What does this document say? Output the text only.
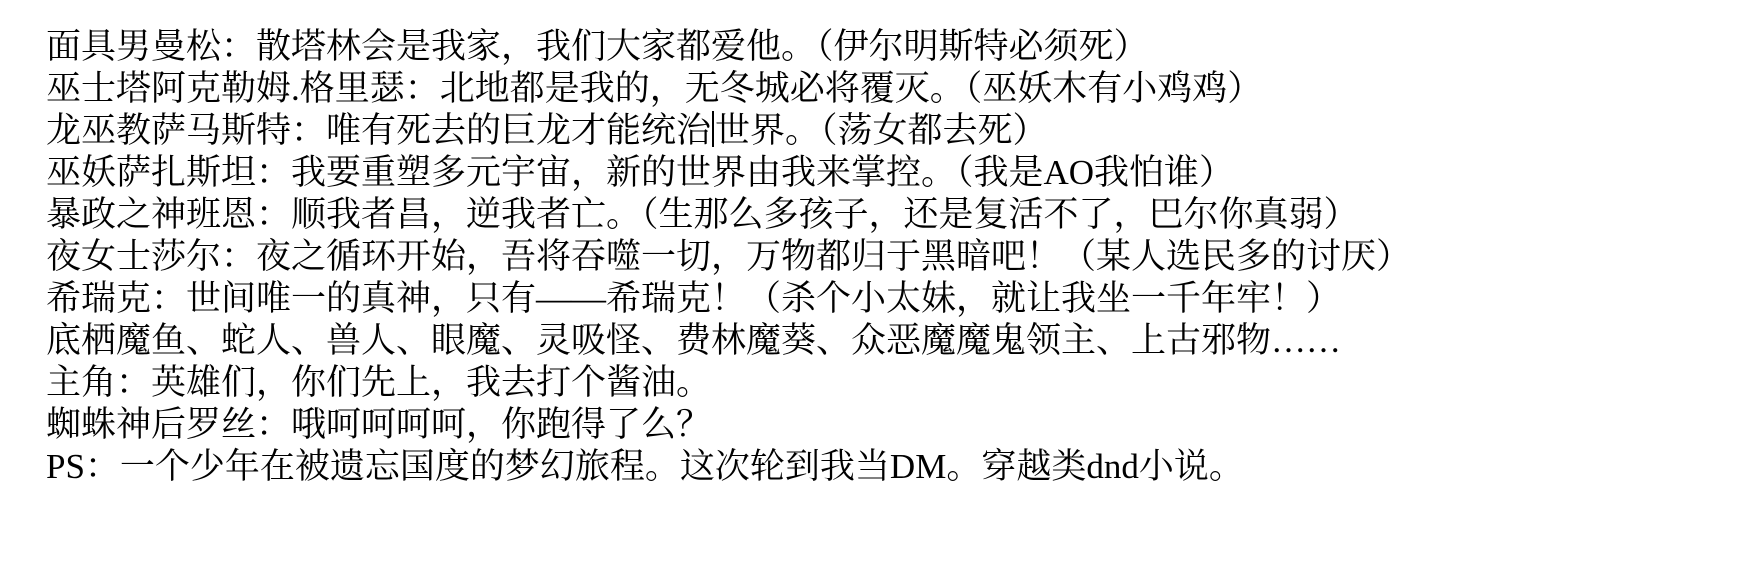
面具男曼松：散塔林会是我家，我们大家都爱他。（伊尔明斯特必须死）
巫士塔阿克勒姆.格里瑟：北地都是我的，无冬城必将覆灭。（巫妖木有小鸡鸡）
龙巫教萨马斯特：唯有死去的巨龙才能统治 世界。（荡女都去死）
巫妖萨扎斯坦：我要重塑多元宇宙，新的世界由我来掌控。（我是AO我怕谁）
暴政之神班恩：顺我者昌，逆我者亡。（生那么多孩子，还是复活不了，巴尔你真弱）
夜女士莎尔：夜之循环开始，吾将吞噬一切，万物都归于黑暗吧！（某人选民多的讨厌）
希瑞克：世间唯一的真神，只有——希瑞克！（杀个小太妹，就让我坐一千年牢！）
底栖魔鱼、蛇人、兽人、眼魔、灵吸怪、费林魔葵、众恶魔魔鬼领主、上古邪物……
主角：英雄们，你们先上，我去打个酱油。
蜘蛛神后罗丝：哦呵呵呵呵，你跑得了么？
PS：一个少年在被遗忘国度的梦幻旅程。这次轮到我当DM。穿越类dnd小说。
